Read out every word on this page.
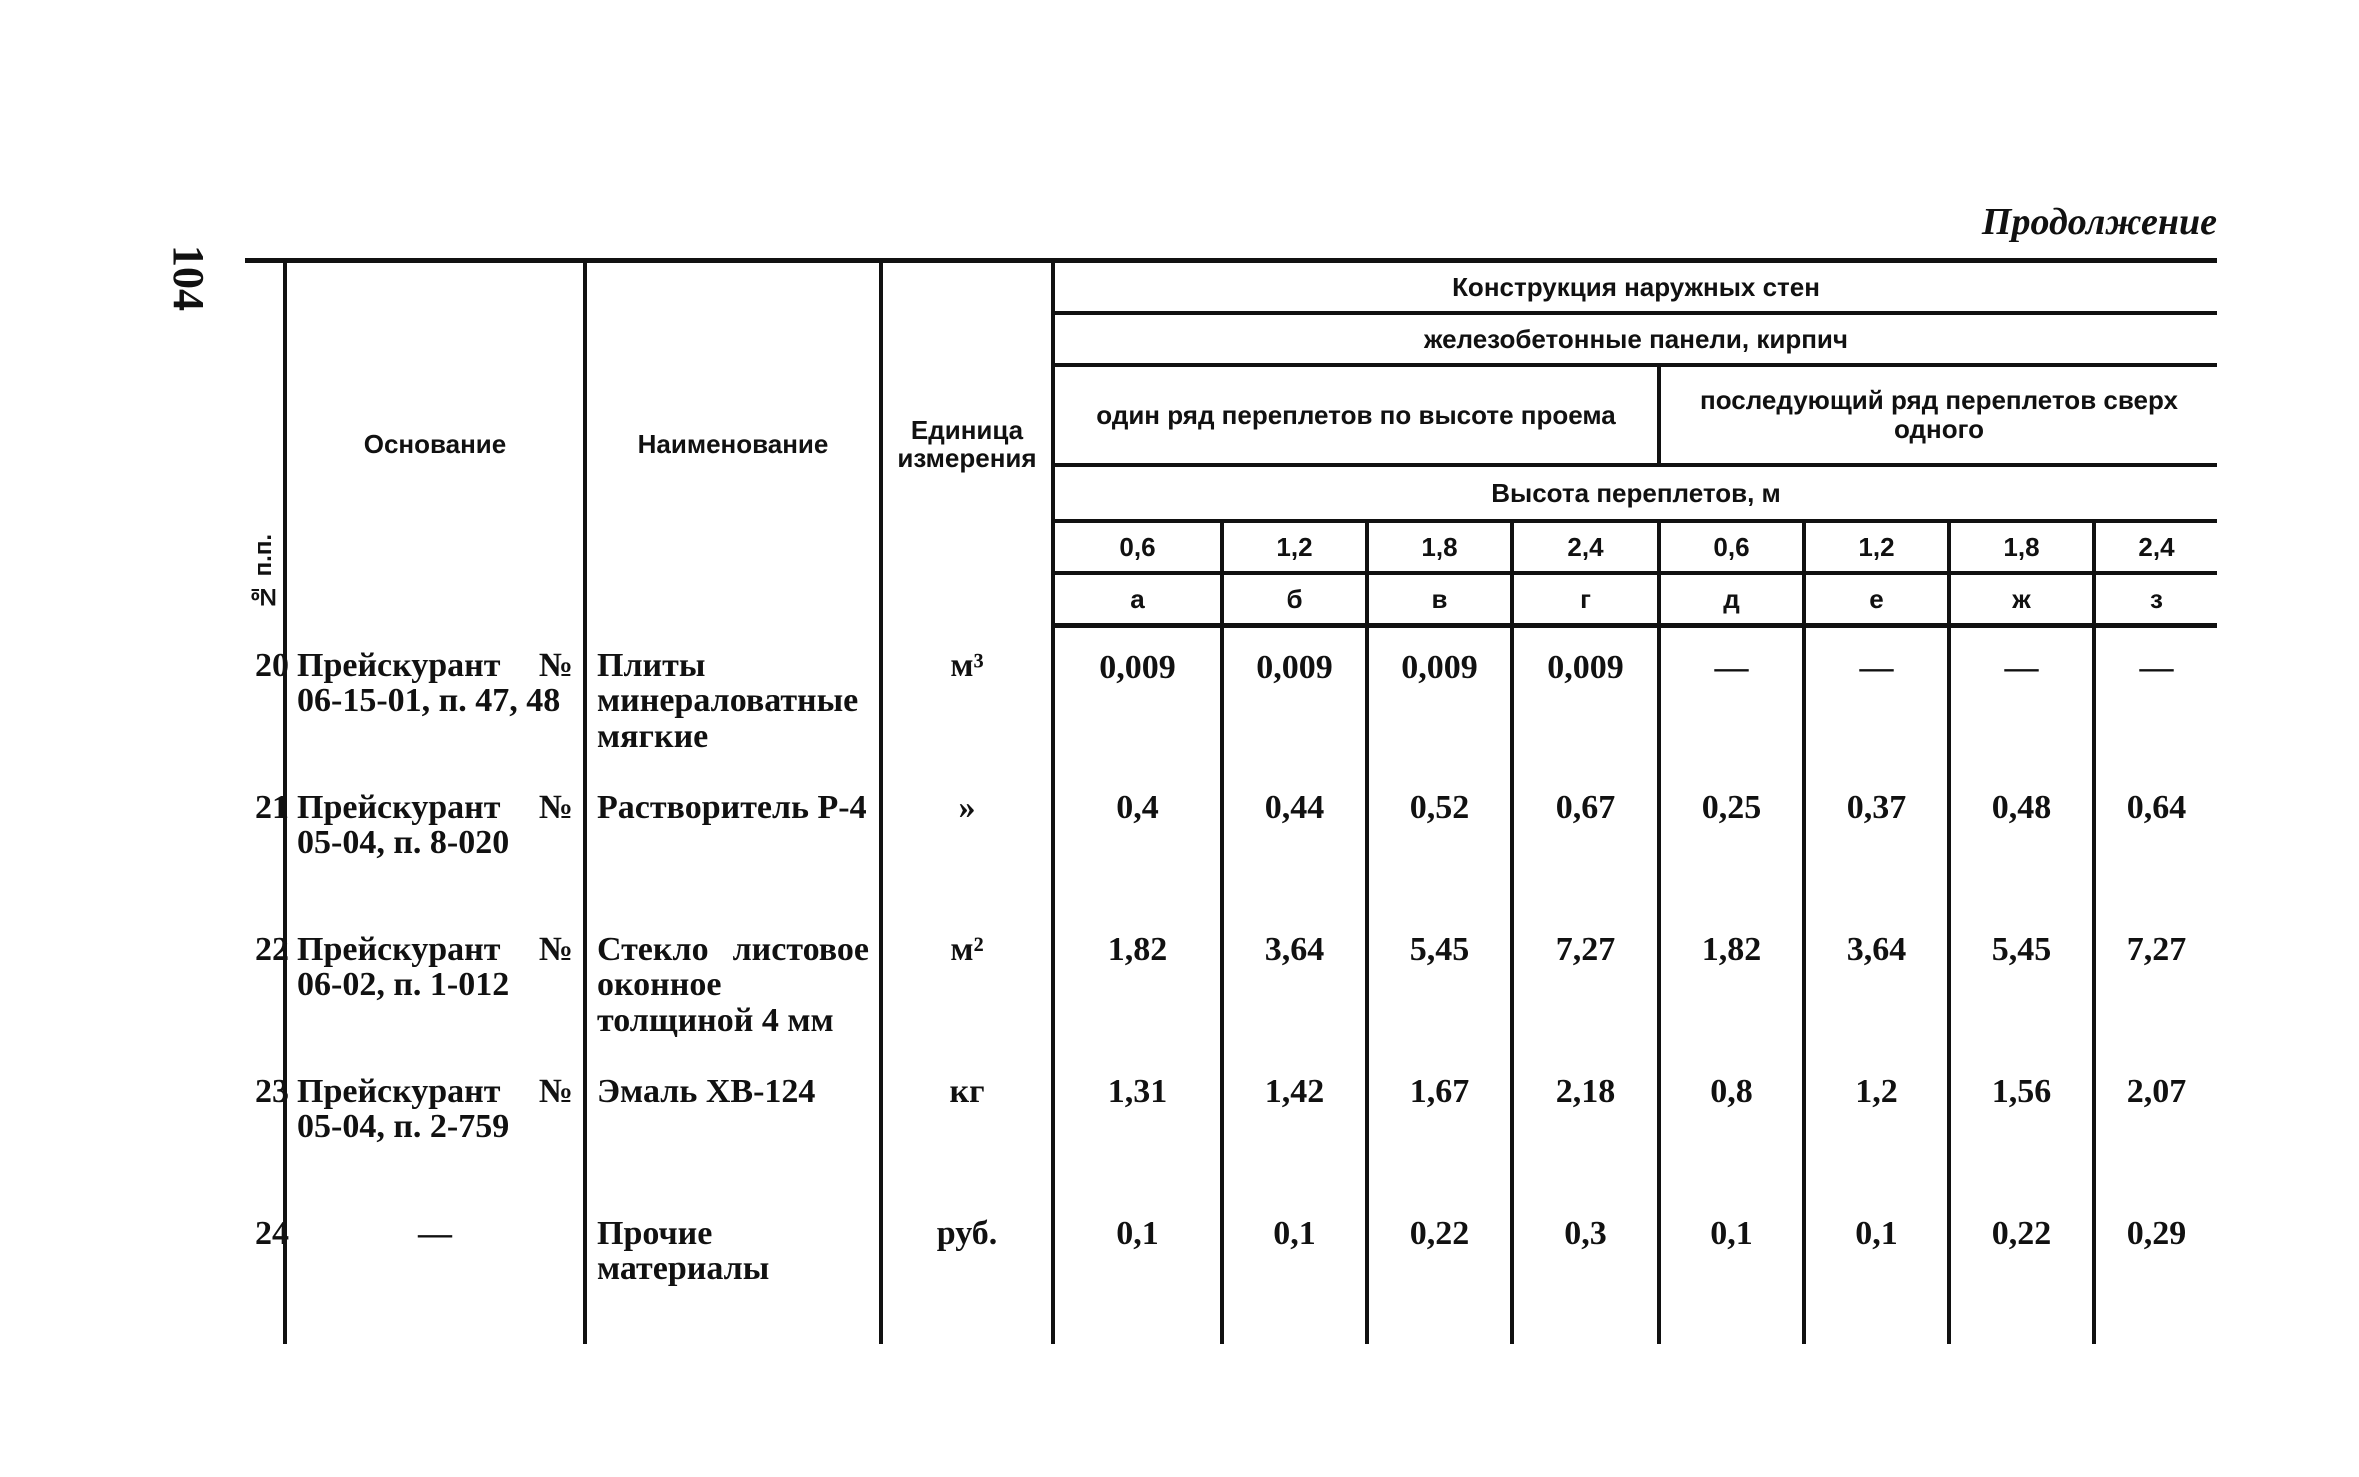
104
Продолжение
№ п.п.	Основание	Наименование	Единица измерения	Конструкция наружных стен							
				железобетонные панели, кирпич							
				один ряд переплетов по высоте проема				последующий ряд переплетов сверх одного			
				Высота переплетов, м							
				0,6	1,2	1,8	2,4	0,6	1,2	1,8	2,4
				а	б	в	г	д	е	ж	з
20	Прейскурант № 06-15-01, п. 47, 48	Плиты минераловатные мягкие	м³	0,009	0,009	0,009	0,009	—	—	—	—
21	Прейскурант № 05-04, п. 8-020	Растворитель Р-4	»	0,4	0,44	0,52	0,67	0,25	0,37	0,48	0,64
22	Прейскурант № 06-02, п. 1-012	Стекло листовое оконное толщиной 4 мм	м²	1,82	3,64	5,45	7,27	1,82	3,64	5,45	7,27
23	Прейскурант № 05-04, п. 2-759	Эмаль ХВ-124	кг	1,31	1,42	1,67	2,18	0,8	1,2	1,56	2,07
24	—	Прочие материалы	руб.	0,1	0,1	0,22	0,3	0,1	0,1	0,22	0,29
